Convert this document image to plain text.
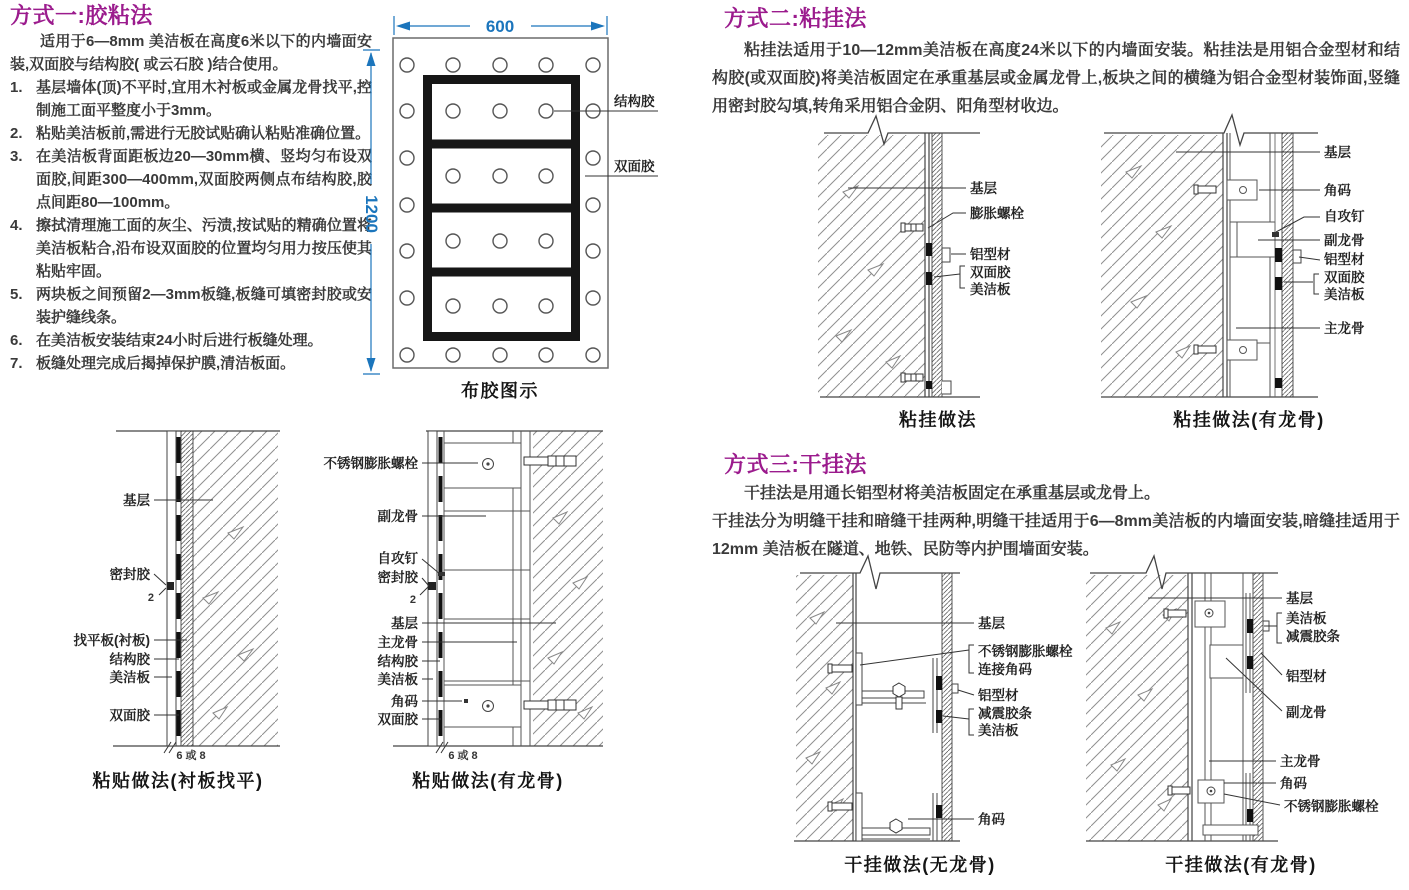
方式一:胶粘法

适用于6—8mm 美洁板在高度6米以下的内墙面安装,双面胶与结构胶( 或云石胶 )结合使用。

1. 基层墙体(顶)不平时,宜用木衬板或金属龙骨找平,控制施工面平整度小于3mm。
2. 粘贴美洁板前,需进行无胶试贴确认粘贴准确位置。
3. 在美洁板背面距板边20—30mm横、竖均匀布设双面胶,间距300—400mm,双面胶两侧点布结构胶,胶点间距80—100mm。
4. 擦拭清理施工面的灰尘、污渍,按试贴的精确位置将美洁板粘合,沿布设双面胶的位置均匀用力按压使其粘贴牢固。
5. 两块板之间预留2—3mm板缝,板缝可填密封胶或安装护缝线条。
6. 在美洁板安装结束24小时后进行板缝处理。
7. 板缝处理完成后揭掉保护膜,清洁板面。
600
1200
结构胶
双面胶
布胶图示
方式二:粘挂法

粘挂法适用于10—12mm美洁板在高度24米以下的内墙面安装。粘挂法是用铝合金型材和结构胶(或双面胶)将美洁板固定在承重基层或金属龙骨上,板块之间的横缝为铝合金型材装饰面,竖缝用密封胶勾填,转角采用铝合金阴、阳角型材收边。

基层
膨胀螺栓
铝型材
双面胶
美洁板
粘挂做法
基层
角码
自攻钉
副龙骨
铝型材
双面胶
美洁板
主龙骨
粘挂做法(有龙骨)
方式三:干挂法

干挂法是用通长铝型材将美洁板固定在承重基层或龙骨上。

干挂法分为明缝干挂和暗缝干挂两种,明缝干挂适用于6—8mm美洁板的内墙面安装,暗缝挂适用于12mm 美洁板在隧道、地铁、民防等内护围墙面安装。

基层
密封胶
2
找平板(衬板)
结构胶
美洁板
双面胶
6 或 8
粘贴做法(衬板找平)
不锈钢膨胀螺栓
副龙骨
自攻钉
密封胶
2
基层
主龙骨
结构胶
美洁板
角码
双面胶
6 或 8
粘贴做法(有龙骨)
基层
不锈钢膨胀螺栓
连接角码
铝型材
减震胶条
美洁板
角码
干挂做法(无龙骨)
基层
美洁板
减震胶条
铝型材
副龙骨
主龙骨
角码
不锈钢膨胀螺栓
干挂做法(有龙骨)
